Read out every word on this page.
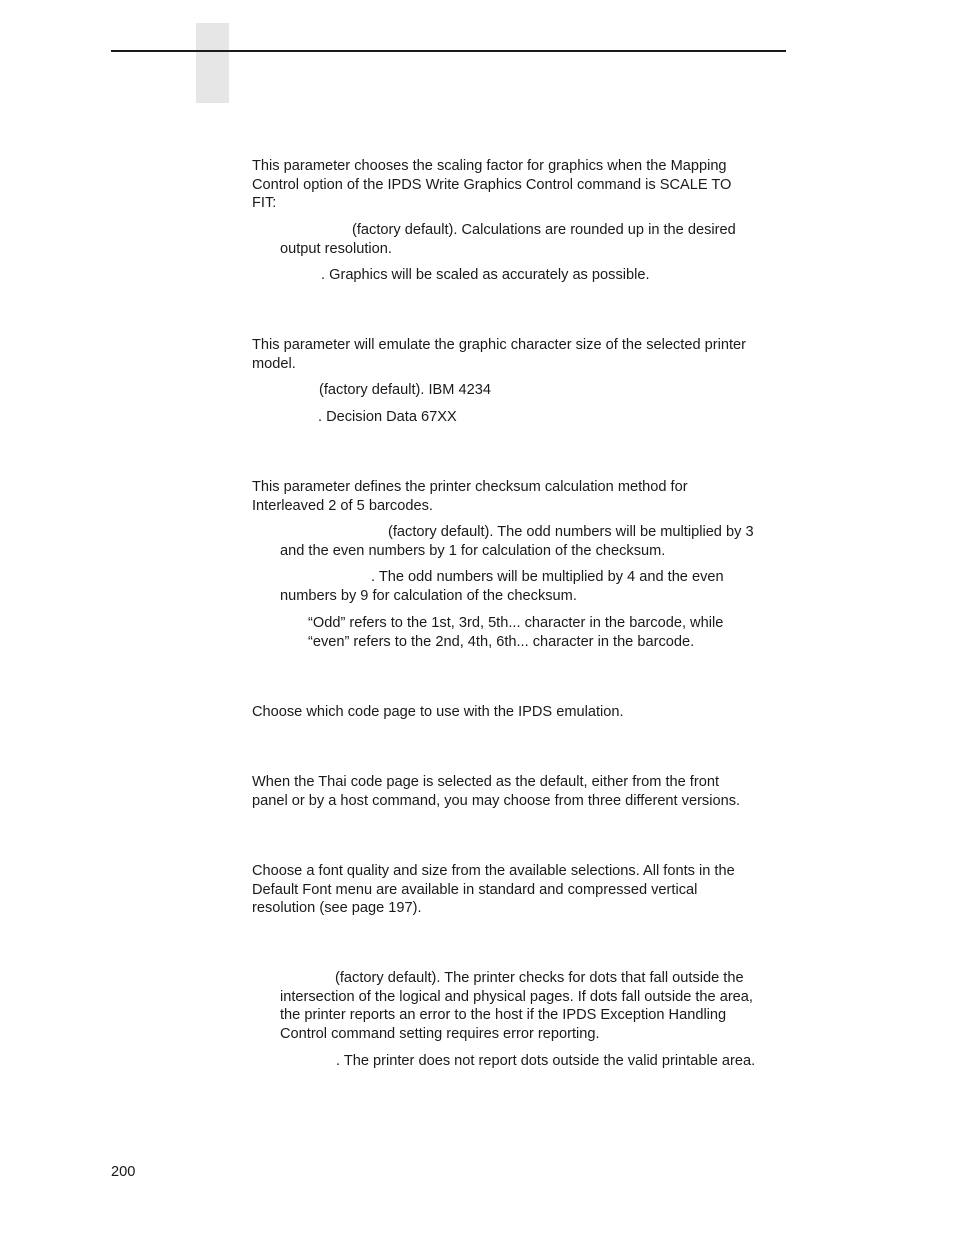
This parameter chooses the scaling factor for graphics when the Mapping
Control option of the IPDS Write Graphics Control command is SCALE TO
FIT:

(factory default). Calculations are rounded up in the desired
output resolution.

. Graphics will be scaled as accurately as possible.

This parameter will emulate the graphic character size of the selected printer
model.

(factory default). IBM 4234

. Decision Data 67XX

This parameter defines the printer checksum calculation method for
Interleaved 2 of 5 barcodes.

(factory default). The odd numbers will be multiplied by 3
and the even numbers by 1 for calculation of the checksum.

. The odd numbers will be multiplied by 4 and the even
numbers by 9 for calculation of the checksum.

“Odd” refers to the 1st, 3rd, 5th... character in the barcode, while
“even” refers to the 2nd, 4th, 6th... character in the barcode.

Choose which code page to use with the IPDS emulation.

When the Thai code page is selected as the default, either from the front
panel or by a host command, you may choose from three different versions.

Choose a font quality and size from the available selections. All fonts in the
Default Font menu are available in standard and compressed vertical
resolution (see page 197).

(factory default). The printer checks for dots that fall outside the
intersection of the logical and physical pages. If dots fall outside the area,
the printer reports an error to the host if the IPDS Exception Handling
Control command setting requires error reporting.

. The printer does not report dots outside the valid printable area.

200
